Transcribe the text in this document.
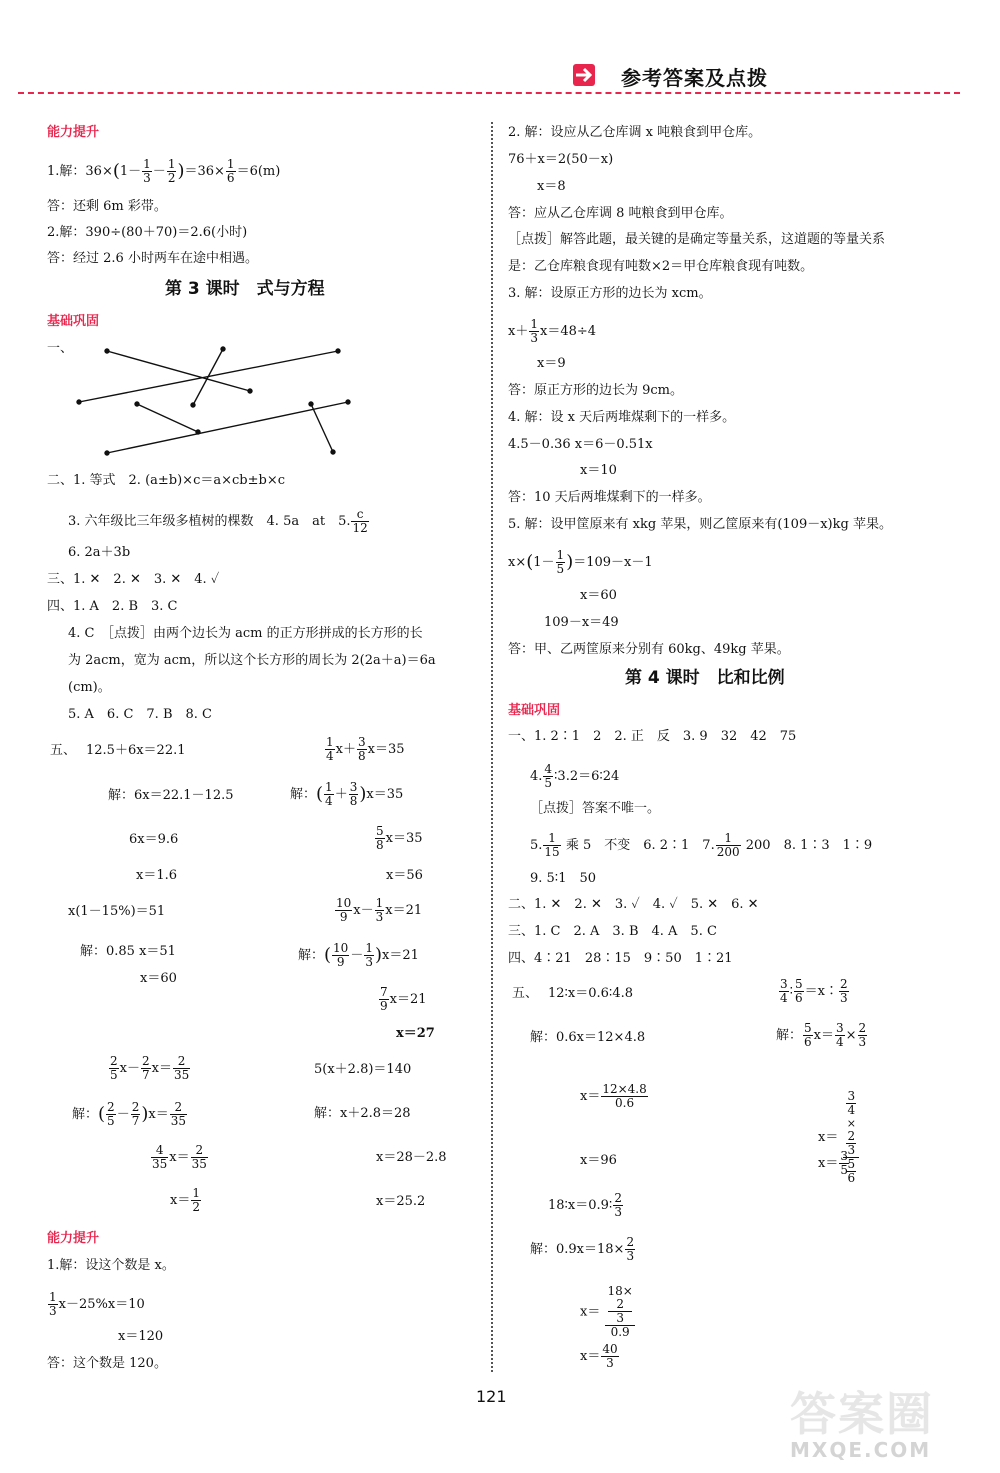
参考答案及点拨
能力提升
1.解：$36\times(1- \frac{1}{3} - \frac{1}{2} )=36\times \frac{1}{6} =6(m)$
答：还剩 6m 彩带。
2.解：390÷(80＋70)＝2.6(小时)
答：经过 2.6 小时两车在途中相遇。
第 3 课时　式与方程
基础巩固
一、
二、1. 等式　2. (a±b)×c＝a×cb±b×c
3. 六年级比三年级多植树的棵数　4. 5a　at　5. $\frac{c}{12}$
6. 2a＋3b
三、1. ✕　2. ✕　3. ✕　4. ✓
四、1. A　2. B　3. C
4. C　［点拨］由两个边长为 acm 的正方形拼成的长方形的长
为 2acm，宽为 acm，所以这个长方形的周长为 2(2a＋a)＝6a
(cm)。
5. A　6. C　7. B　8. C
五、 12.5＋6x＝22.1
解：6x＝22.1－12.5
6x＝9.6
x＝1.6
$\frac{1}{4} x+ \frac{3}{8} x=35$
解：( $\frac{1}{4} + \frac{3}{8} )x=35$
$\frac{5}{8} x=35$
x＝56
x(1－15%)＝51
解：0.85 x＝51
x＝60
$\frac{10}{9} x- \frac{1}{3} x=21$
解：( $\frac{10}{9} - \frac{1}{3} )x=21$
$\frac{7}{9} x=21$
x＝27
$\frac{2}{5} x- \frac{2}{7} x= \frac{2}{35}$
解：( $\frac{2}{5} - \frac{2}{7} )x= \frac{2}{35}$
$\frac{4}{35} x= \frac{2}{35}$
$x= \frac{1}{2}$
5(x＋2.8)＝140
解：x＋2.8＝28
x＝28－2.8
x＝25.2
能力提升
1.解：设这个数是 x。
$\frac{1}{3} x-25\%x=10$
x＝120
答：这个数是 120。
2. 解：设应从乙仓库调 x 吨粮食到甲仓库。
76＋x＝2(50－x)
x＝8
答：应从乙仓库调 8 吨粮食到甲仓库。
［点拨］解答此题，最关键的是确定等量关系，这道题的等量关系
是：乙仓库粮食现有吨数×2＝甲仓库粮食现有吨数。
3. 解：设原正方形的边长为 xcm。
$x+ \frac{1}{3} x=48\div 4$
x＝9
答：原正方形的边长为 9cm。
4. 解：设 x 天后两堆煤剩下的一样多。
4.5－0.36 x＝6－0.51x
x＝10
答：10 天后两堆煤剩下的一样多。
5. 解：设甲筐原来有 xkg 苹果，则乙筐原来有(109－x)kg 苹果。
$x\times(1- \frac{1}{5} )=109-x-1$
x＝60
109－x＝49
答：甲、乙两筐原来分别有 60kg、49kg 苹果。
第 4 课时　比和比例
基础巩固
一、1. 2∶1　2　2. 正　反　3. 9　32　42　75
4. $\frac{4}{5}$ ∶3.2＝6∶24
［点拨］答案不唯一。
5. $\frac{1}{15}$ 乘 5　不变　6. 2∶1　7. $\frac{1}{200} 200$　8. 1∶3　1∶9
9. 5∶1　50
二、1. ✕　2. ✕　3. ✓　4. ✓　5. ✕　6. ✕
三、1. C　2. A　3. B　4. A　5. C
四、4∶21　28∶15　9∶50　1∶21
五、 12∶x＝0.6∶4.8
解：0.6x＝12×4.8
$x= \frac{12\times 4.8}{0.6}$
x＝96
$\frac{3}{4}$ ∶ $\frac{5}{6}$ ＝x∶ $\frac{2}{3}$
解： $\frac{5}{6} x= \frac{3}{4} \times \frac{2}{3}$
x＝ 3
4
×
2
3
5
6
$x= \frac{3}{5}$
18∶x＝0.9∶ $\frac{2}{3}$
解：$0.9x=18\times \frac{2}{3}$
x＝ 18×
2
3
0.9
$x= \frac{40}{3}$
121	答案圈
MXQE.COM
